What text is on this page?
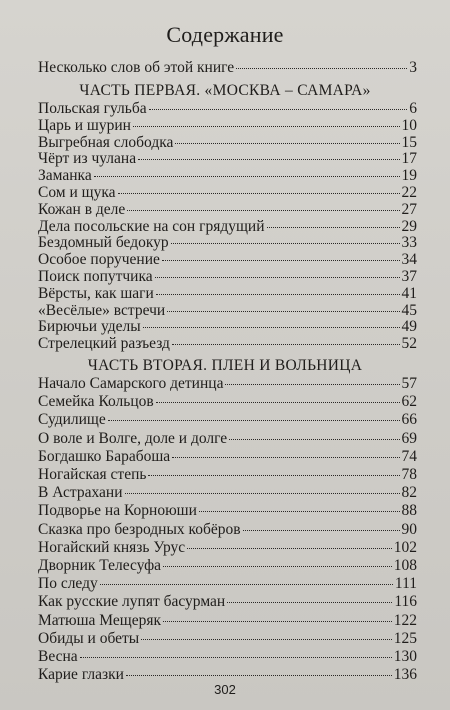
Содержание
Несколько слов об этой книге	3
ЧАСТЬ ПЕРВАЯ. «МОСКВА – САМАРА»
Польская гульба	6
Царь и шурин	10
Выгребная слободка	15
Чёрт из чулана	17
Заманка	19
Сом и щука	22
Кожан в деле	27
Дела посольские на сон грядущий	29
Бездомный бедокур	33
Особое поручение	34
Поиск попутчика	37
Вёрсты, как шаги	41
«Весёлые» встречи	45
Бирючьи уделы	49
Стрелецкий разъезд	52
ЧАСТЬ ВТОРАЯ. ПЛЕН И ВОЛЬНИЦА
Начало Самарского детинца	57
Семейка Кольцов	62
Судилище	66
О воле и Волге, доле и долге	69
Богдашко Барабоша	74
Ногайская степь	78
В Астрахани	82
Подворье на Корноюши	88
Сказка про безродных кобёров	90
Ногайский князь Урус	102
Дворник Телесуфа	108
По следу	111
Как русские лупят басурман	116
Матюша Мещеряк	122
Обиды и обеты	125
Весна	130
Карие глазки	136
302
